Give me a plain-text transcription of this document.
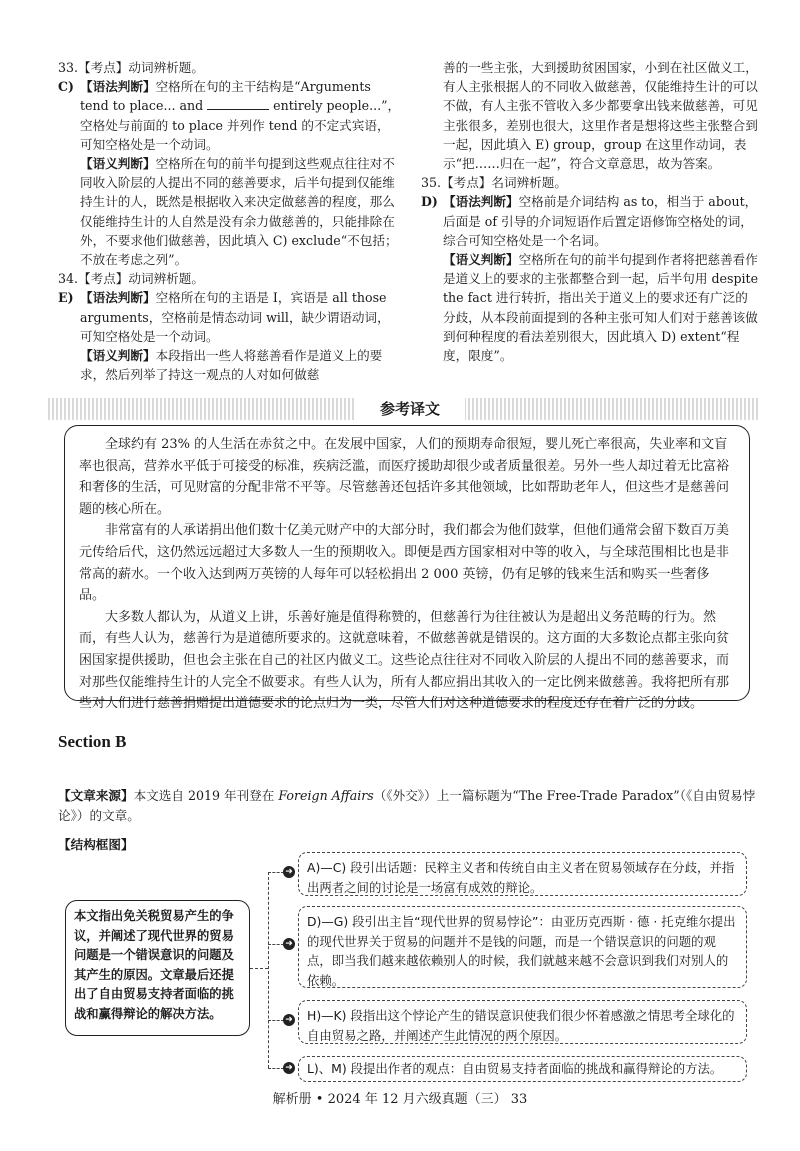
33.【考点】动词辨析题。
C) 【语法判断】空格所在句的主干结构是“Arguments tend to place... and	entirely people...”，空格处与前面的 to place 并列作 tend 的不定式宾语，可知空格处是一个动词。

【语义判断】空格所在句的前半句提到这些观点往往对不同收入阶层的人提出不同的慈善要求，后半句提到仅能维持生计的人，既然是根据收入来决定做慈善的程度，那么仅能维持生计的人自然是没有余力做慈善的，只能排除在外，不要求他们做慈善，因此填入 C) exclude“不包括；不放在考虑之列”。

34.【考点】动词辨析题。
E) 【语法判断】空格所在句的主语是 I，宾语是 all those arguments，空格前是情态动词 will，缺少谓语动词，可知空格处是一个动词。

【语义判断】本段指出一些人将慈善看作是道义上的要求，然后列举了持这一观点的人对如何做慈

善的一些主张，大到援助贫困国家，小到在社区做义工，有人主张根据人的不同收入做慈善，仅能维持生计的可以不做，有人主张不管收入多少都要拿出钱来做慈善，可见主张很多，差别也很大，这里作者是想将这些主张整合到一起，因此填入 E) group，group 在这里作动词，表示“把……归在一起”，符合文章意思，故为答案。

35.【考点】名词辨析题。
D) 【语法判断】空格前是介词结构 as to，相当于 about，后面是 of 引导的介词短语作后置定语修饰空格处的词，综合可知空格处是一个名词。

【语义判断】空格所在句的前半句提到作者将把慈善看作是道义上的要求的主张都整合到一起，后半句用 despite the fact 进行转折，指出关于道义上的要求还有广泛的分歧，从本段前面提到的各种主张可知人们对于慈善该做到何种程度的看法差别很大，因此填入 D) extent“程度，限度”。

参考译文

全球约有 23% 的人生活在赤贫之中。在发展中国家，人们的预期寿命很短，婴儿死亡率很高，失业率和文盲率也很高，营养水平低于可接受的标准，疾病泛滥，而医疗援助却很少或者质量很差。另外一些人却过着无比富裕和奢侈的生活，可见财富的分配非常不平等。尽管慈善还包括许多其他领域，比如帮助老年人，但这些才是慈善问题的核心所在。

非常富有的人承诺捐出他们数十亿美元财产中的大部分时，我们都会为他们鼓掌，但他们通常会留下数百万美元传给后代，这仍然远远超过大多数人一生的预期收入。即便是西方国家相对中等的收入，与全球范围相比也是非常高的薪水。一个收入达到两万英镑的人每年可以轻松捐出 2 000 英镑，仍有足够的钱来生活和购买一些奢侈品。

大多数人都认为，从道义上讲，乐善好施是值得称赞的，但慈善行为往往被认为是超出义务范畴的行为。然而，有些人认为，慈善行为是道德所要求的。这就意味着，不做慈善就是错误的。这方面的大多数论点都主张向贫困国家提供援助，但也会主张在自己的社区内做义工。这些论点往往对不同收入阶层的人提出不同的慈善要求，而对那些仅能维持生计的人完全不做要求。有些人认为，所有人都应捐出其收入的一定比例来做慈善。我将把所有那些对人们进行慈善捐赠提出道德要求的论点归为一类，尽管人们对这种道德要求的程度还存在着广泛的分歧。

Section B
【文章来源】本文选自 2019 年刊登在 Foreign Affairs（《外交》）上一篇标题为“The Free-Trade Paradox”（《自由贸易悖论》）的文章。
【结构框图】
本文指出免关税贸易产生的争议，并阐述了现代世界的贸易问题是一个错误意识的问题及其产生的原因。文章最后还提出了自由贸易支持者面临的挑战和赢得辩论的解决方法。
➜	A)—C) 段引出话题：民粹主义者和传统自由主义者在贸易领域存在分歧，并指出两者之间的讨论是一场富有成效的辩论。
➜
D)—G) 段引出主旨“现代世界的贸易悖论”：由亚历克西斯 · 德 · 托克维尔提出的现代世界关于贸易的问题并不是钱的问题，而是一个错误意识的问题的观点，即当我们越来越依赖别人的时候，我们就越来越不会意识到我们对别人的依赖。
➜	H)—K) 段指出这个悖论产生的错误意识使我们很少怀着感激之情思考全球化的自由贸易之路，并阐述产生此情况的两个原因。
➜	L)、M) 段提出作者的观点：自由贸易支持者面临的挑战和赢得辩论的方法。
解析册 • 2024 年 12 月六级真题（三） 33
